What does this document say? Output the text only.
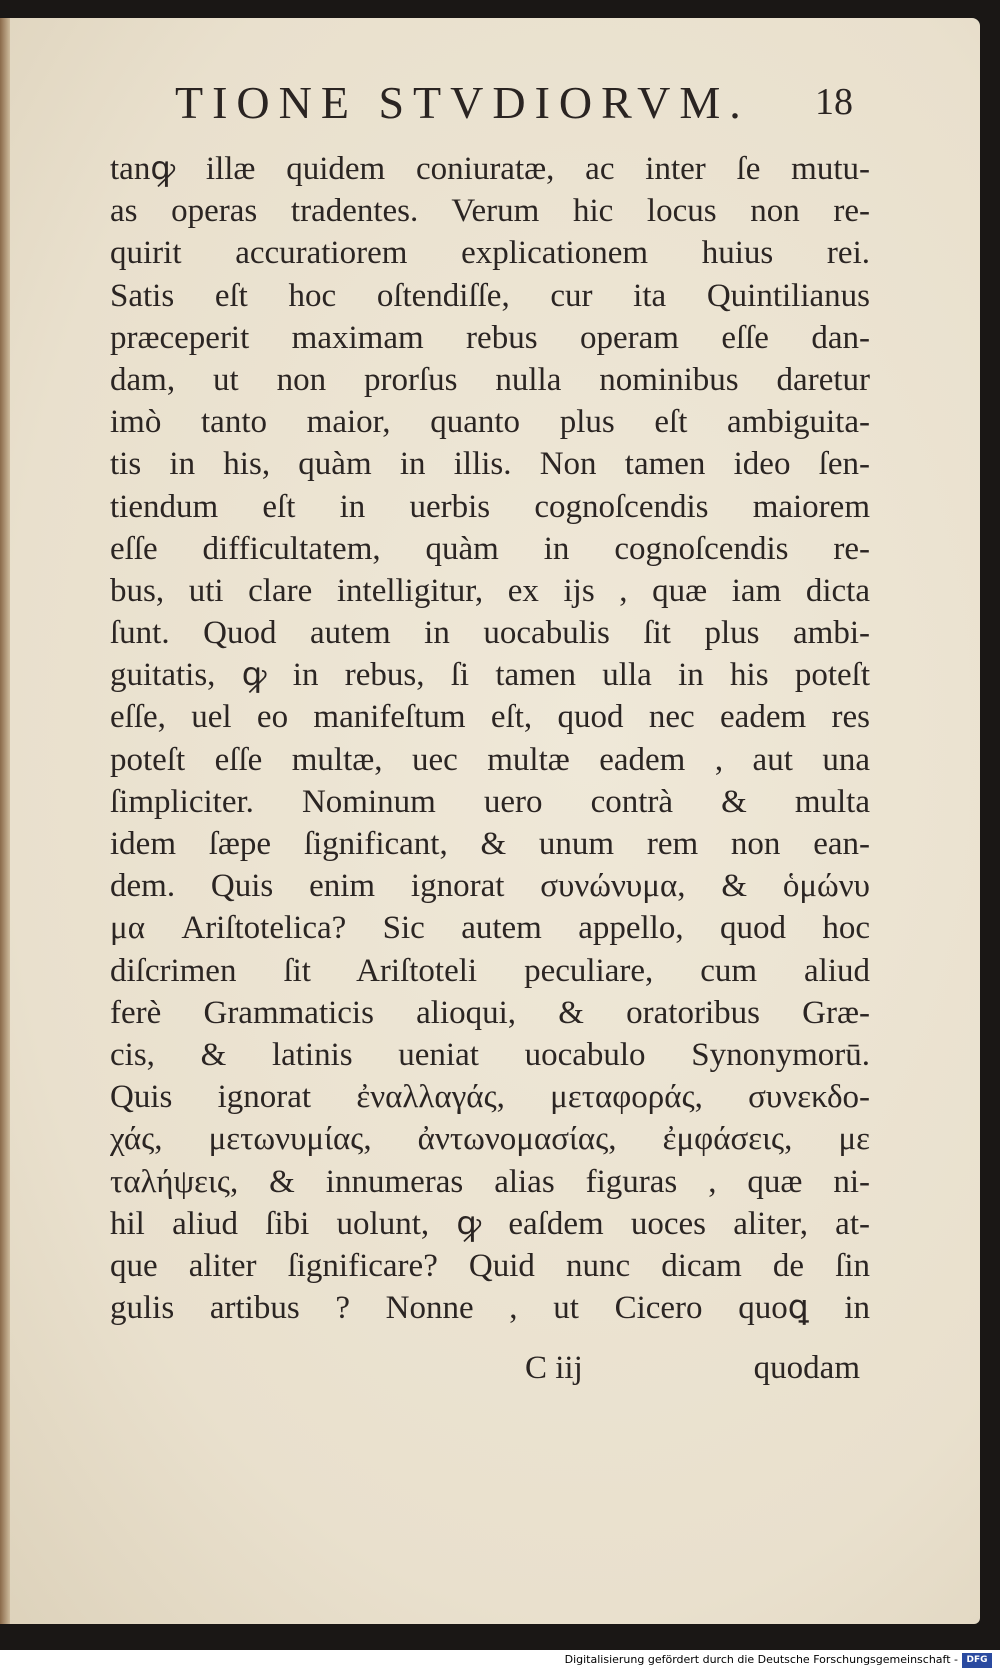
TIONE STVDIORVM.	18
tanꝙ illæ quidem coniuratæ, ac inter ſe mutu-
as operas tradentes. Verum hic locus non re-
quirit accuratiorem explicationem huius rei.
Satis eſt hoc oſtendiſſe, cur ita Quintilianus
præceperit maximam rebus operam eſſe dan-
dam, ut non prorſus nulla nominibus daretur
imò tanto maior, quanto plus eſt ambiguita-
tis in his, quàm in illis. Non tamen ideo ſen-
tiendum eſt in uerbis cognoſcendis maiorem
eſſe difficultatem, quàm in cognoſcendis re-
bus, uti clare intelligitur, ex ijs , quæ iam dicta
ſunt. Quod autem in uocabulis ſit plus ambi-
guitatis, ꝙ in rebus, ſi tamen ulla in his poteſt
eſſe, uel eo manifeſtum eſt, quod nec eadem res
poteſt eſſe multæ, uec multæ eadem , aut una
ſimpliciter. Nominum uero contrà & multa
idem ſæpe ſignificant, & unum rem non ean-
dem. Quis enim ignorat συνώνυμα, & ὁμώνυ
μα Ariſtotelica? Sic autem appello, quod hoc
diſcrimen ſit Ariſtoteli peculiare, cum aliud
ferè Grammaticis alioqui, & oratoribus Græ-
cis, & latinis ueniat uocabulo Synonymorū.
Quis ignorat ἐναλλαγάς, μεταφοράς, συνεκδο-
χάς, μετωνυμίας, ἀντωνομασίας, ἐμφάσεις, με
ταλήψεις, & innumeras alias figuras , quæ ni-
hil aliud ſibi uolunt, ꝙ eaſdem uoces aliter, at-
que aliter ſignificare? Quid nunc dicam de ſin
gulis artibus ? Nonne , ut Cicero quoꝗ in
C iij	quodam
Digitalisierung gefördert durch die Deutsche Forschungsgemeinschaft - DFG
